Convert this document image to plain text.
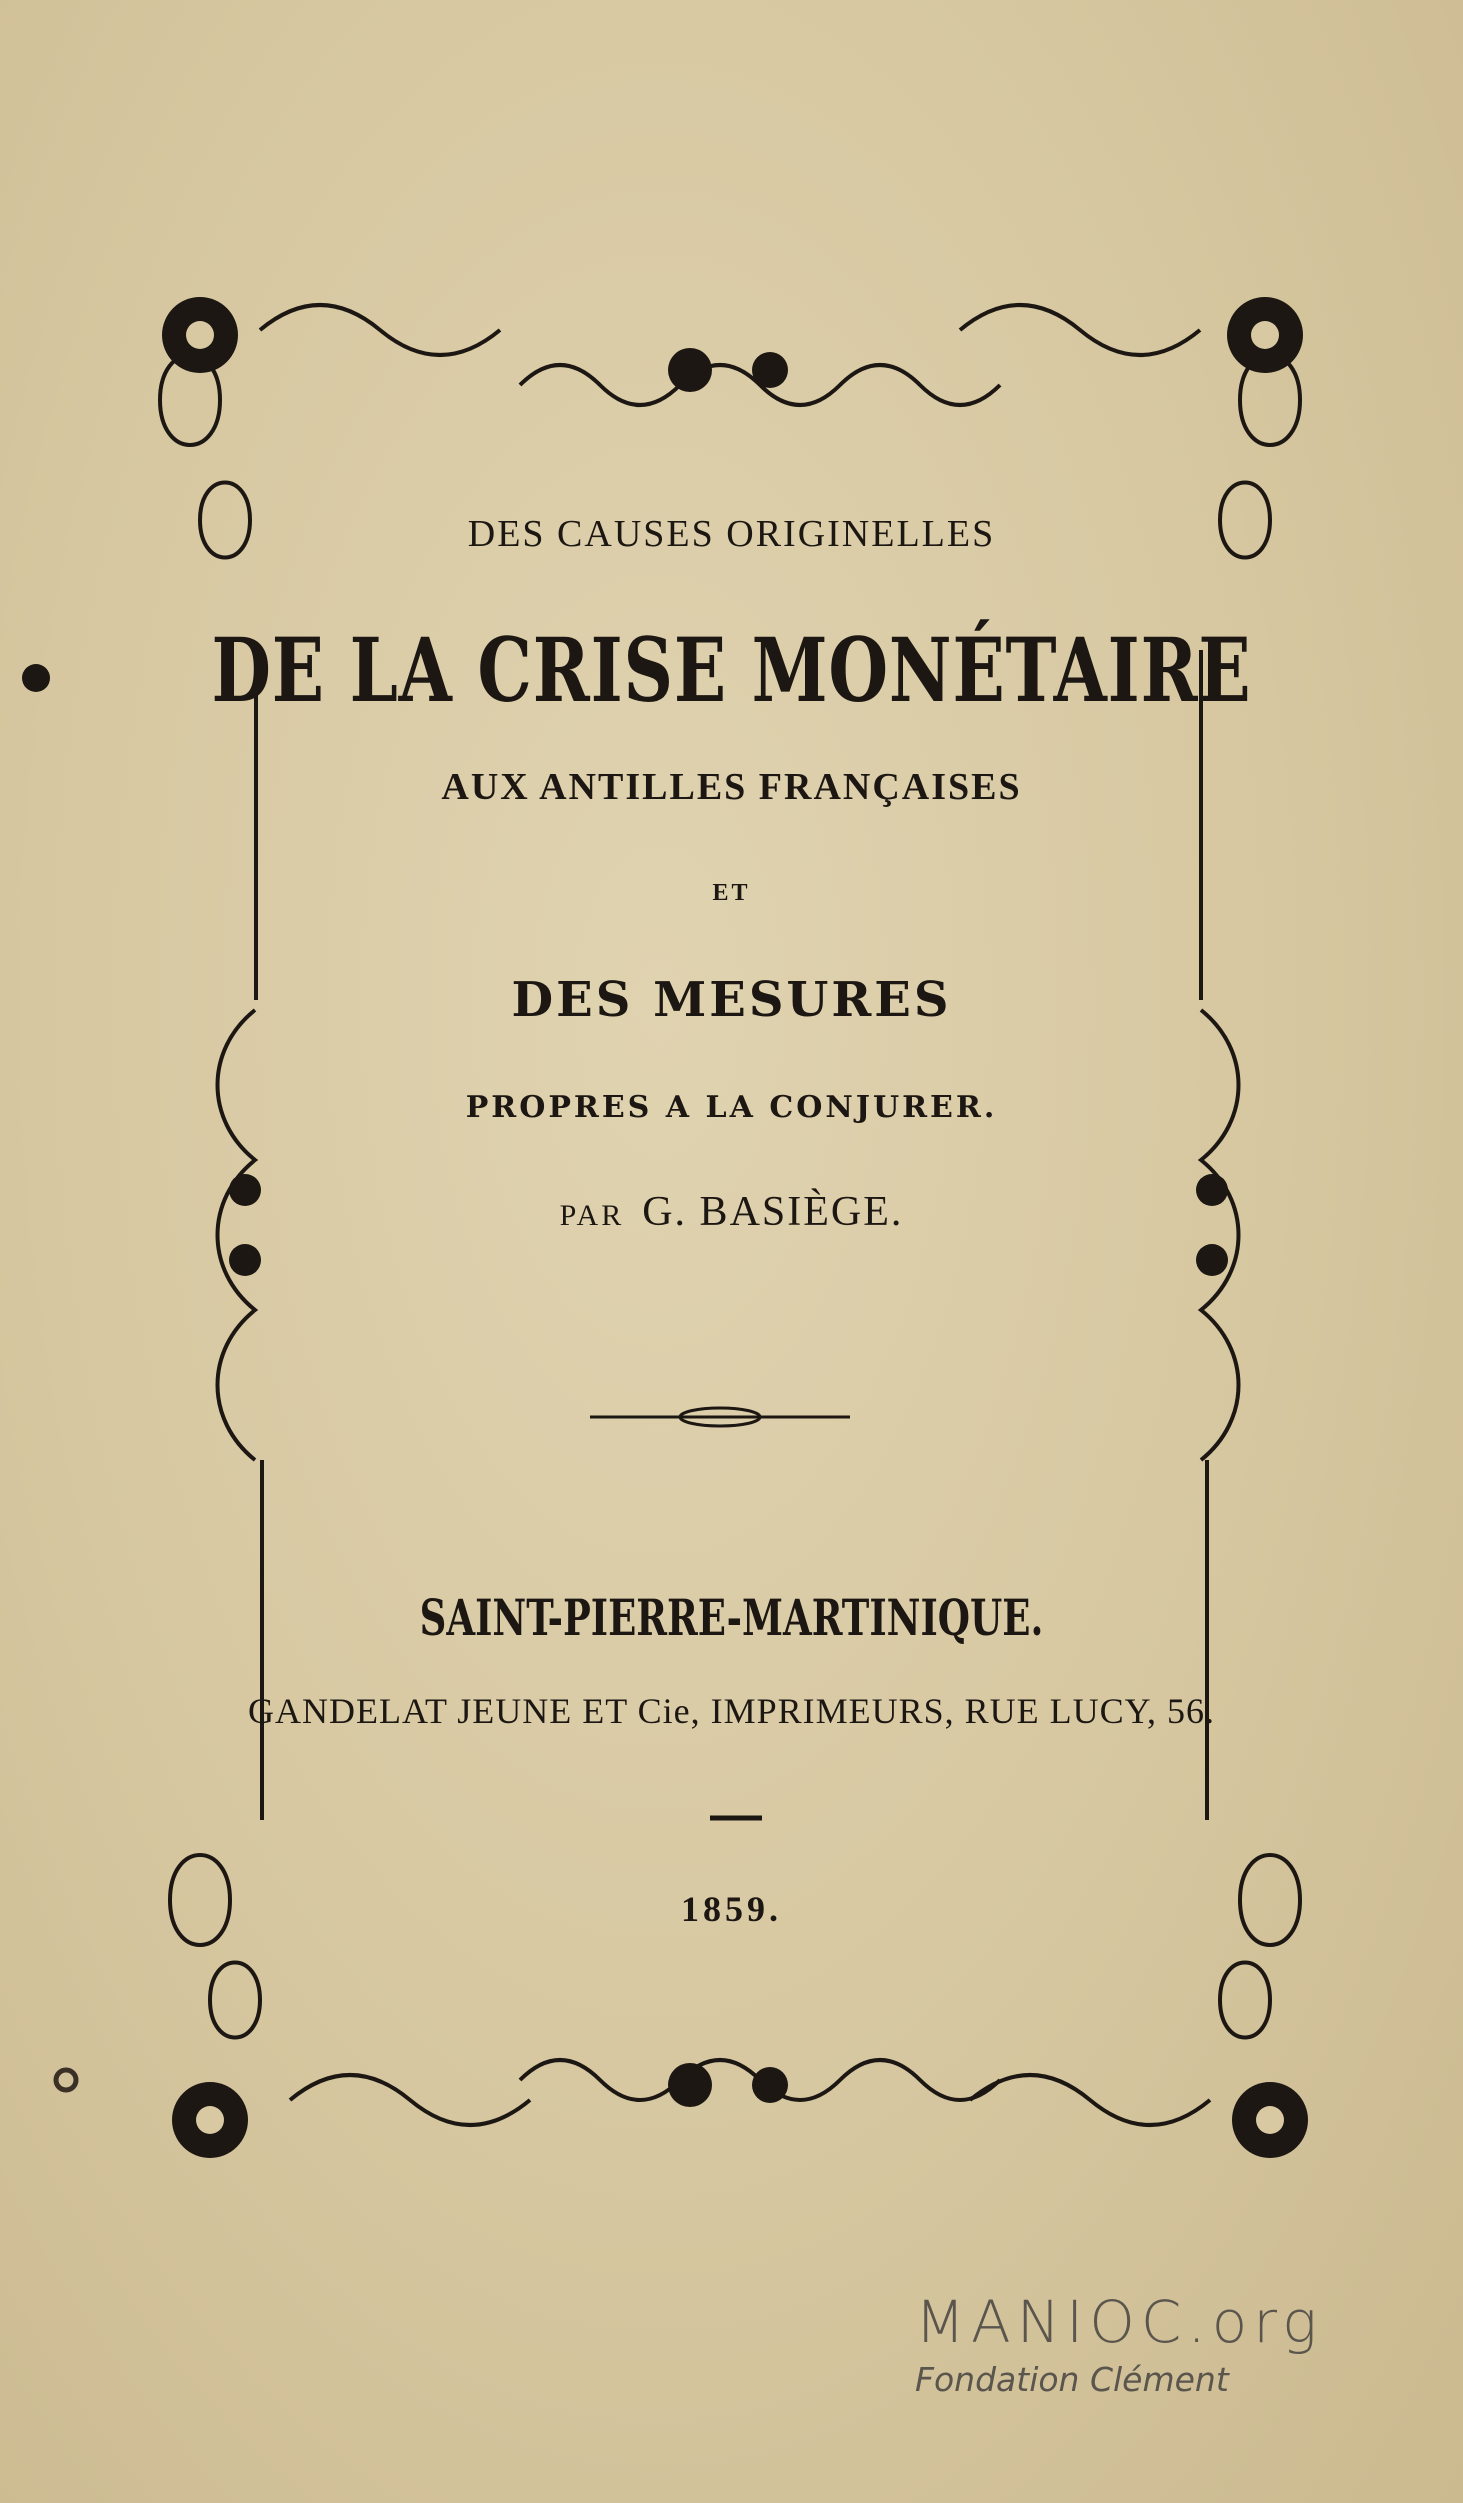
DES CAUSES ORIGINELLES
DE LA CRISE MONÉTAIRE
AUX ANTILLES FRANÇAISES
ET
DES MESURES
PROPRES A LA CONJURER.
PAR G. BASIÈGE.
SAINT-PIERRE-MARTINIQUE.
GANDELAT JEUNE ET Cie, IMPRIMEURS, RUE LUCY, 56.
1859.
MANIOC.org
Fondation Clément
